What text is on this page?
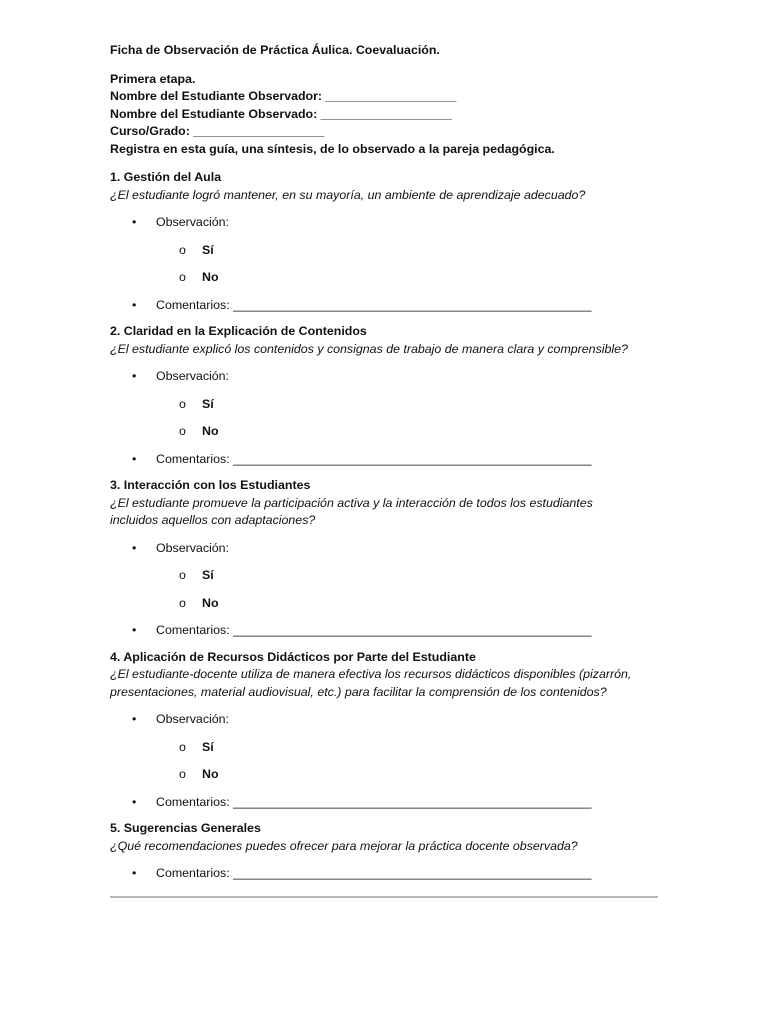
Ficha de Observación de Práctica Áulica. Coevaluación.
Primera etapa.
Nombre del Estudiante Observador: ___________________
Nombre del Estudiante Observado: ___________________
Curso/Grado: ___________________
Registra en esta guía, una síntesis, de lo observado a la pareja pedagógica.
1. Gestión del Aula
¿El estudiante logró mantener, en su mayoría, un ambiente de aprendizaje adecuado?
• Observación:
o Sí
o No
• Comentarios: ____________________________________________________
2. Claridad en la Explicación de Contenidos
¿El estudiante explicó los contenidos y consignas de trabajo de manera clara y comprensible?
• Observación:
o Sí
o No
• Comentarios: ____________________________________________________
3. Interacción con los Estudiantes
¿El estudiante promueve la participación activa y la interacción de todos los estudiantes
incluidos aquellos con adaptaciones?
• Observación:
o Sí
o No
• Comentarios: ____________________________________________________
4. Aplicación de Recursos Didácticos por Parte del Estudiante
¿El estudiante-docente utiliza de manera efectiva los recursos didácticos disponibles (pizarrón,
presentaciones, material audiovisual, etc.) para facilitar la comprensión de los contenidos?
• Observación:
o Sí
o No
• Comentarios: ____________________________________________________
5. Sugerencias Generales
¿Qué recomendaciones puedes ofrecer para mejorar la práctica docente observada?
• Comentarios: ____________________________________________________
